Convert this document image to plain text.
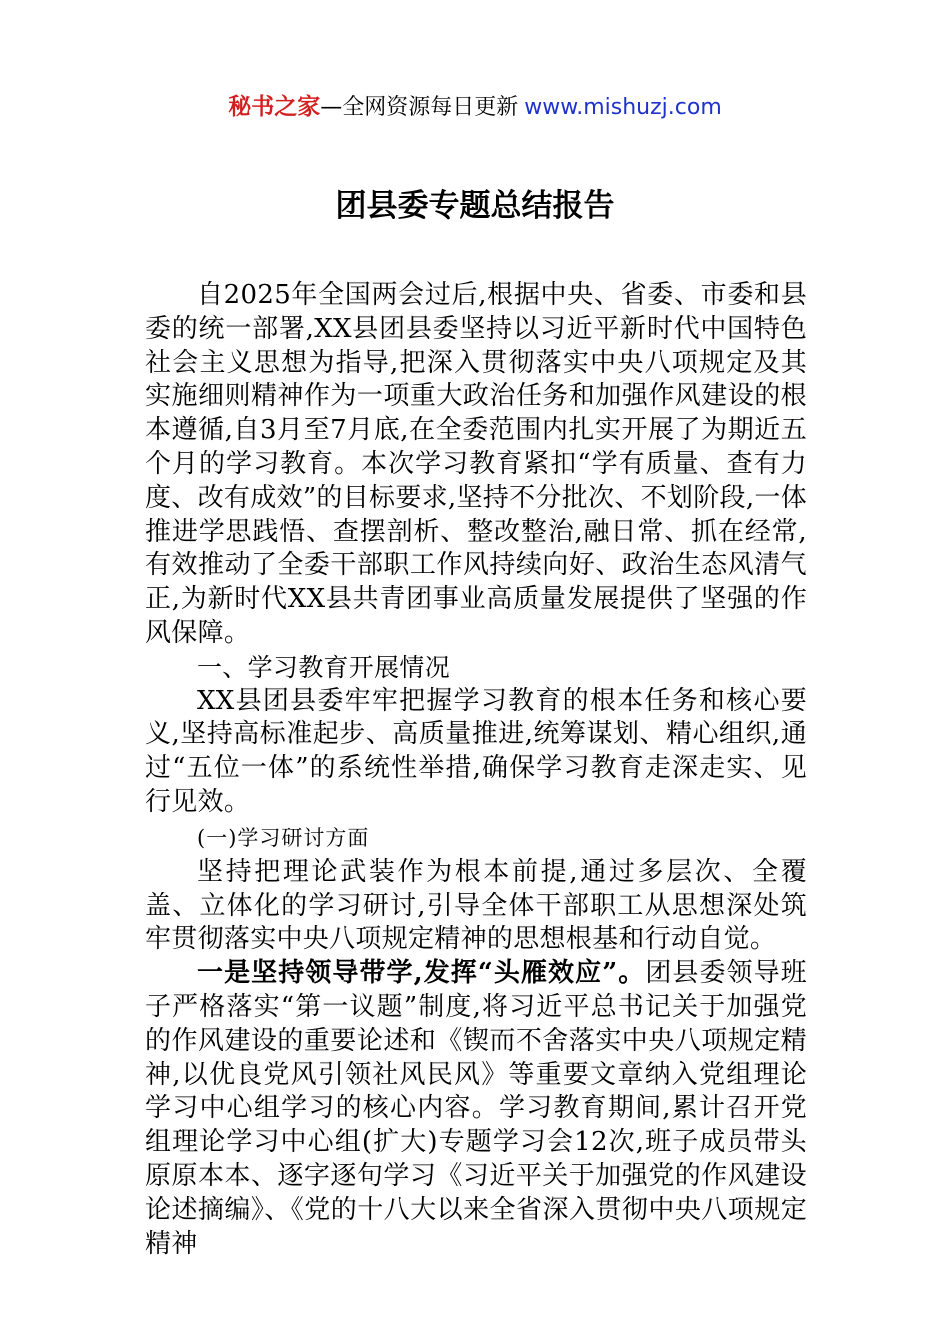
秘书之家—全网资源每日更新 www.mishuzj.com
团县委专题总结报告

自2025年全国两会过后,根据中央、省委、市委和县委的统一部署,XX县团县委坚持以习近平新时代中国特色社会主义思想为指导,把深入贯彻落实中央八项规定及其实施细则精神作为一项重大政治任务和加强作风建设的根本遵循,自3月至7月底,在全委范围内扎实开展了为期近五个月的学习教育。本次学习教育紧扣“学有质量、查有力度、改有成效”的目标要求,坚持不分批次、不划阶段,一体推进学思践悟、查摆剖析、整改整治,融日常、抓在经常,有效推动了全委干部职工作风持续向好、政治生态风清气正,为新时代XX县共青团事业高质量发展提供了坚强的作风保障。

一、学习教育开展情况

XX县团县委牢牢把握学习教育的根本任务和核心要义,坚持高标准起步、高质量推进,统筹谋划、精心组织,通过“五位一体”的系统性举措,确保学习教育走深走实、见行见效。

(一)学习研讨方面

坚持把理论武装作为根本前提,通过多层次、全覆盖、立体化的学习研讨,引导全体干部职工从思想深处筑牢贯彻落实中央八项规定精神的思想根基和行动自觉。

一是坚持领导带学,发挥“头雁效应”。团县委领导班子严格落实“第一议题”制度,将习近平总书记关于加强党的作风建设的重要论述和《锲而不舍落实中央八项规定精神,以优良党风引领社风民风》等重要文章纳入党组理论学习中心组学习的核心内容。学习教育期间,累计召开党组理论学习中心组(扩大)专题学习会12次,班子成员带头原原本本、逐字逐句学习《习近平关于加强党的作风建设论述摘编》、《党的十八大以来全省深入贯彻中央八项规定精神
